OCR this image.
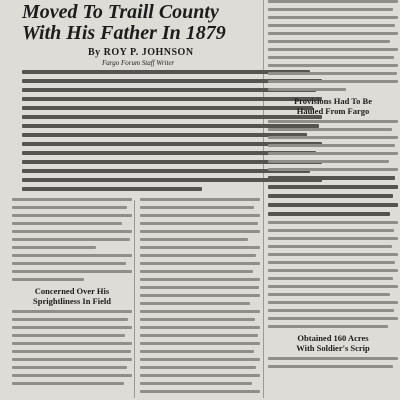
Moved To Traill County
With His Father In 1879
By ROY P. JOHNSON
Fargo Forum Staff Writer
Concerned Over His
Sprightliness In Field
Provisions Had To Be
Hauled From Fargo
Obtained 160 Acres
With Soldier's Scrip
